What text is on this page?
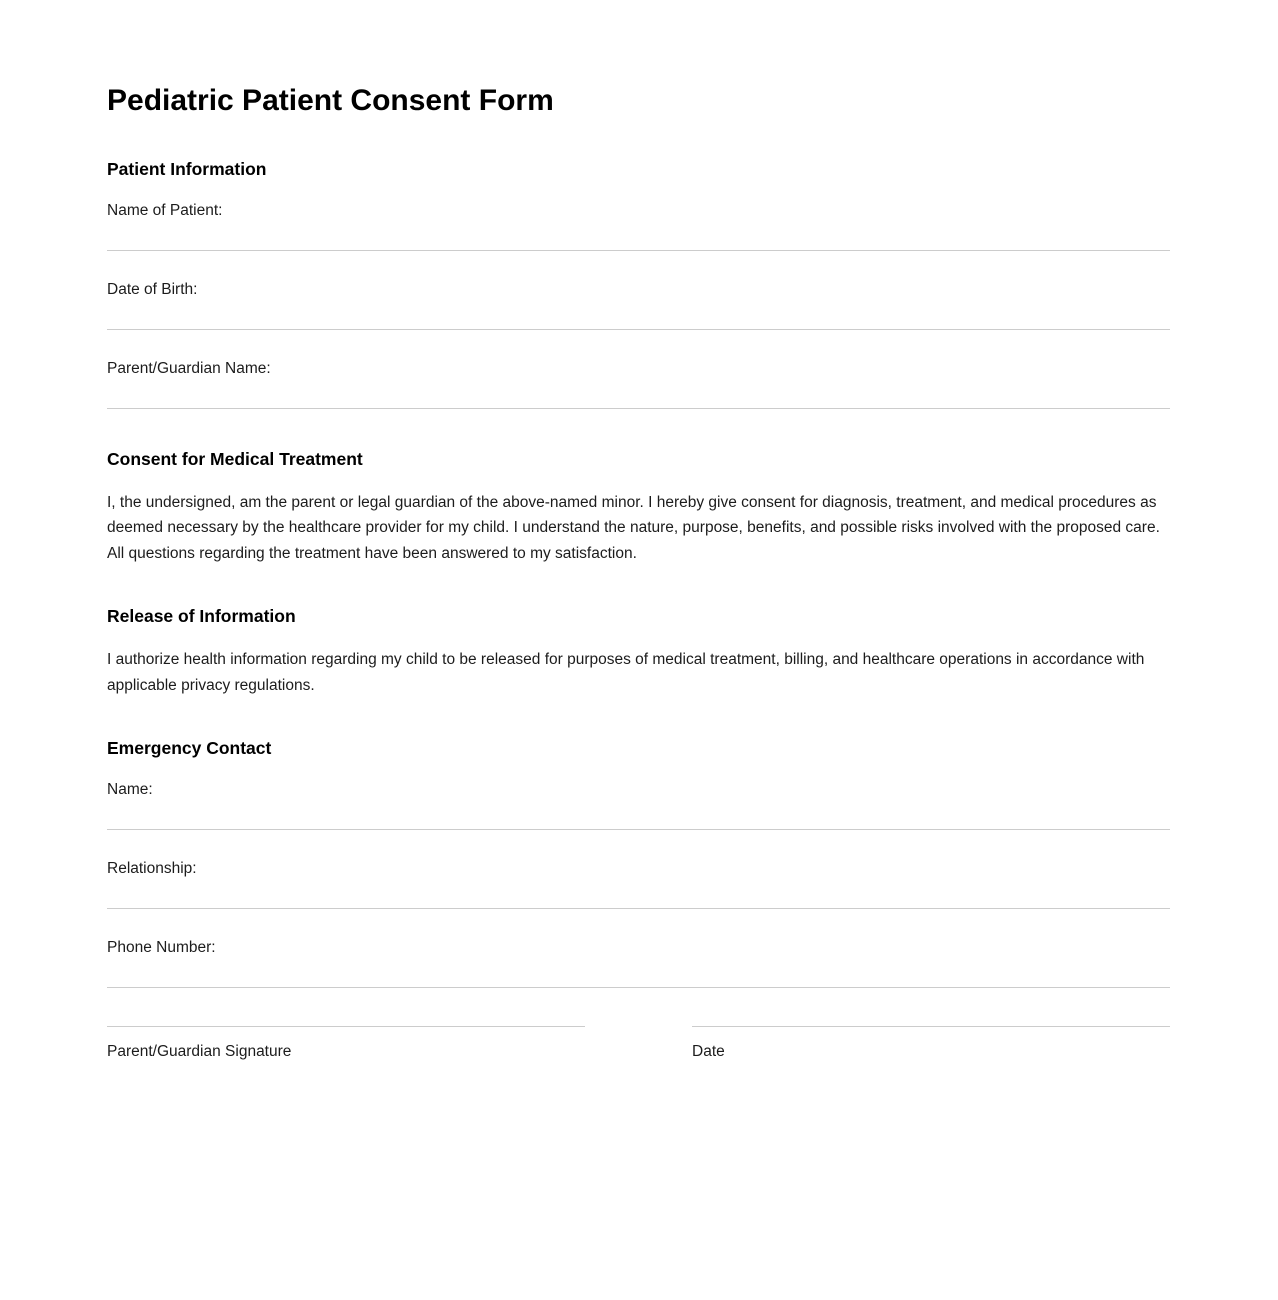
Pediatric Patient Consent Form
Patient Information

Name of Patient:

Date of Birth:

Parent/Guardian Name:

Consent for Medical Treatment

I, the undersigned, am the parent or legal guardian of the above-named minor. I hereby give consent for diagnosis, treatment, and medical procedures as deemed necessary by the healthcare provider for my child. I understand the nature, purpose, benefits, and possible risks involved with the proposed care. All questions regarding the treatment have been answered to my satisfaction.

Release of Information

I authorize health information regarding my child to be released for purposes of medical treatment, billing, and healthcare operations in accordance with applicable privacy regulations.

Emergency Contact

Name:

Relationship:

Phone Number:

Parent/Guardian Signature	Date
